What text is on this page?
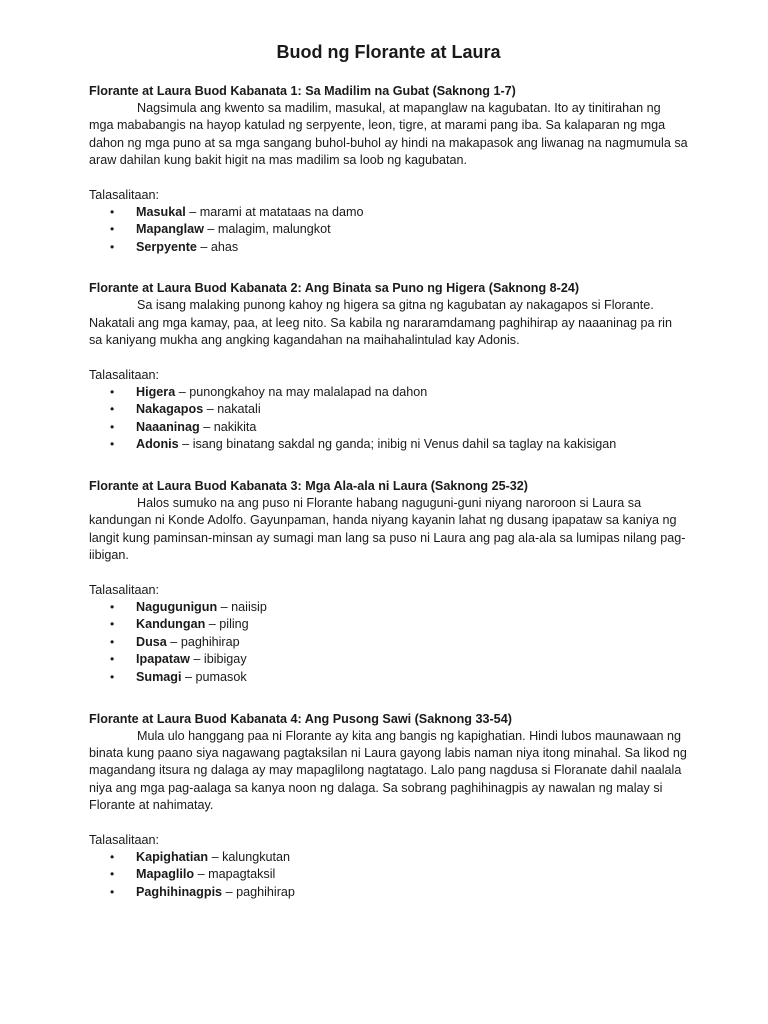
Buod ng Florante at Laura

Florante at Laura Buod Kabanata 1: Sa Madilim na Gubat (Saknong 1-7)

Nagsimula ang kwento sa madilim, masukal, at mapanglaw na kagubatan. Ito ay tinitirahan ng mga mababangis na hayop katulad ng serpyente, leon, tigre, at marami pang iba. Sa kalaparan ng mga dahon ng mga puno at sa mga sangang buhol-buhol ay hindi na makapasok ang liwanag na nagmumula sa araw dahilan kung bakit higit na mas madilim sa loob ng kagubatan.

Talasalitaan:

• Masukal – marami at matataas na damo
• Mapanglaw – malagim, malungkot
• Serpyente – ahas

Florante at Laura Buod Kabanata 2: Ang Binata sa Puno ng Higera (Saknong 8-24)

Sa isang malaking punong kahoy ng higera sa gitna ng kagubatan ay nakagapos si Florante. Nakatali ang mga kamay, paa, at leeg nito. Sa kabila ng nararamdamang paghihirap ay naaaninag pa rin sa kaniyang mukha ang angking kagandahan na maihahalintulad kay Adonis.

Talasalitaan:

• Higera – punongkahoy na may malalapad na dahon
• Nakagapos – nakatali
• Naaaninag – nakikita
• Adonis – isang binatang sakdal ng ganda; inibig ni Venus dahil sa taglay na kakisigan

Florante at Laura Buod Kabanata 3: Mga Ala-ala ni Laura (Saknong 25-32)

Halos sumuko na ang puso ni Florante habang naguguni-guni niyang naroroon si Laura sa kandungan ni Konde Adolfo. Gayunpaman, handa niyang kayanin lahat ng dusang ipapataw sa kaniya ng langit kung paminsan-minsan ay sumagi man lang sa puso ni Laura ang pag ala-ala sa lumipas nilang pag-iibigan.

Talasalitaan:

• Nagugunigun – naiisip
• Kandungan – piling
• Dusa – paghihirap
• Ipapataw – ibibigay
• Sumagi – pumasok

Florante at Laura Buod Kabanata 4: Ang Pusong Sawi (Saknong 33-54)

Mula ulo hanggang paa ni Florante ay kita ang bangis ng kapighatian. Hindi lubos maunawaan ng binata kung paano siya nagawang pagtaksilan ni Laura gayong labis naman niya itong minahal. Sa likod ng magandang itsura ng dalaga ay may mapaglilong nagtatago. Lalo pang nagdusa si Floranate dahil naalala niya ang mga pag-aalaga sa kanya noon ng dalaga. Sa sobrang paghihinagpis ay nawalan ng malay si Florante at nahimatay.

Talasalitaan:

• Kapighatian – kalungkutan
• Mapaglilo – mapagtaksil
• Paghihinagpis – paghihirap
